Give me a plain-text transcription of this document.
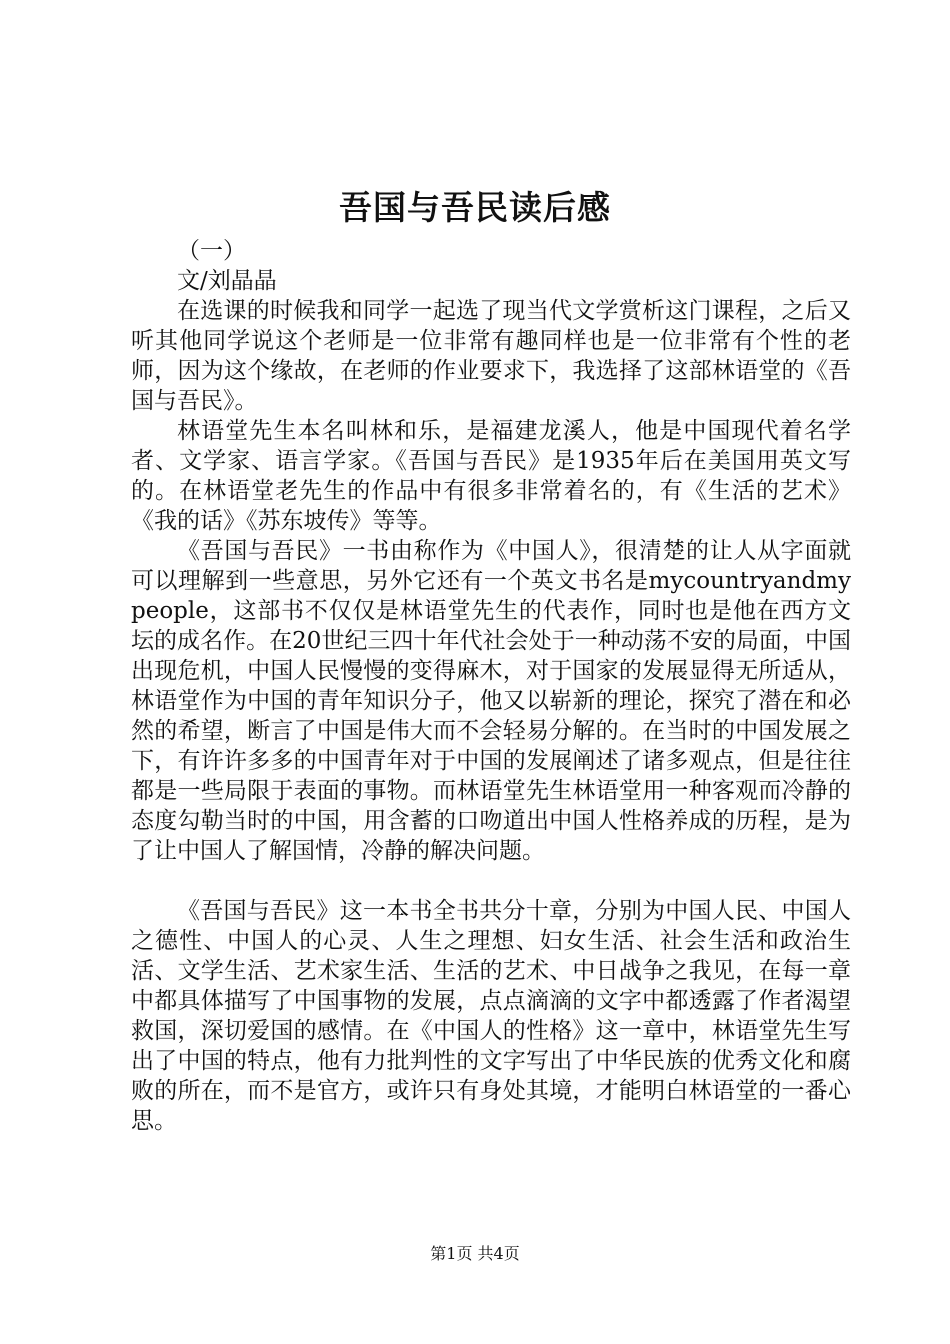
吾国与吾民读后感

（一）

文/刘晶晶

在选课的时候我和同学一起选了现当代文学赏析这门课程，之后又听其他同学说这个老师是一位非常有趣同样也是一位非常有个性的老师，因为这个缘故，在老师的作业要求下，我选择了这部林语堂的《吾国与吾民》。

林语堂先生本名叫林和乐，是福建龙溪人，他是中国现代着名学者、文学家、语言学家。《吾国与吾民》是1935年后在美国用英文写的。在林语堂老先生的作品中有很多非常着名的，有《生活的艺术》《我的话》《苏东坡传》等等。

《吾国与吾民》一书由称作为《中国人》，很清楚的让人从字面就可以理解到一些意思，另外它还有一个英文书名是mycountryandmypeople，这部书不仅仅是林语堂先生的代表作，同时也是他在西方文坛的成名作。在20世纪三四十年代社会处于一种动荡不安的局面，中国出现危机，中国人民慢慢的变得麻木，对于国家的发展显得无所适从，林语堂作为中国的青年知识分子，他又以崭新的理论，探究了潜在和必然的希望，断言了中国是伟大而不会轻易分解的。在当时的中国发展之下，有许许多多的中国青年对于中国的发展阐述了诸多观点，但是往往都是一些局限于表面的事物。而林语堂先生林语堂用一种客观而冷静的态度勾勒当时的中国，用含蓄的口吻道出中国人性格养成的历程，是为了让中国人了解国情，冷静的解决问题。

《吾国与吾民》这一本书全书共分十章，分别为中国人民、中国人之德性、中国人的心灵、人生之理想、妇女生活、社会生活和政治生活、文学生活、艺术家生活、生活的艺术、中日战争之我见，在每一章中都具体描写了中国事物的发展，点点滴滴的文字中都透露了作者渴望救国，深切爱国的感情。在《中国人的性格》这一章中，林语堂先生写出了中国的特点，他有力批判性的文字写出了中华民族的优秀文化和腐败的所在，而不是官方，或许只有身处其境，才能明白林语堂的一番心思。

第1页 共4页
